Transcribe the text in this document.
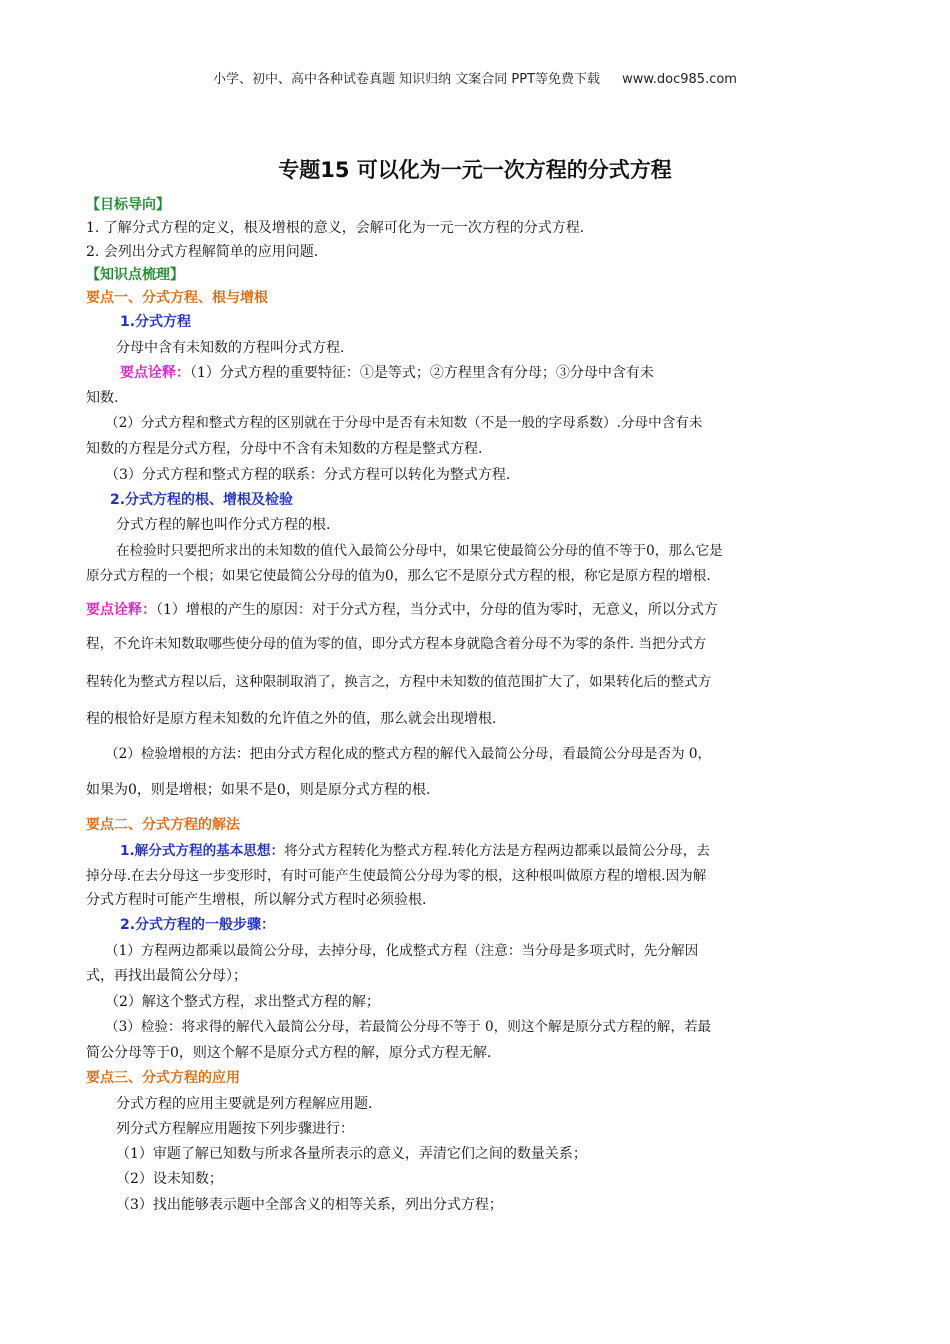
小学、初中、高中各种试卷真题 知识归纳 文案合同 PPT等免费下载 www.doc985.com
专题15 可以化为一元一次方程的分式方程
【目标导向】
1. 了解分式方程的定义，根及增根的意义，会解可化为一元一次方程的分式方程.
2. 会列出分式方程解简单的应用问题.
【知识点梳理】
要点一、分式方程、根与增根
1.分式方程
分母中含有未知数的方程叫分式方程.
要点诠释：（1）分式方程的重要特征：①是等式；②方程里含有分母；③分母中含有未
知数.
（2）分式方程和整式方程的区别就在于分母中是否有未知数（不是一般的字母系数）.分母中含有未
知数的方程是分式方程，分母中不含有未知数的方程是整式方程.
（3）分式方程和整式方程的联系：分式方程可以转化为整式方程.
2.分式方程的根、增根及检验
分式方程的解也叫作分式方程的根.
在检验时只要把所求出的未知数的值代入最简公分母中，如果它使最简公分母的值不等于0，那么它是
原分式方程的一个根；如果它使最简公分母的值为0，那么它不是原分式方程的根，称它是原方程的增根.
要点诠释：（1）增根的产生的原因：对于分式方程，当分式中，分母的值为零时，无意义，所以分式方
程，不允许未知数取哪些使分母的值为零的值，即分式方程本身就隐含着分母不为零的条件. 当把分式方
程转化为整式方程以后，这种限制取消了，换言之，方程中未知数的值范围扩大了，如果转化后的整式方
程的根恰好是原方程未知数的允许值之外的值，那么就会出现增根.
（2）检验增根的方法：把由分式方程化成的整式方程的解代入最简公分母，看最简公分母是否为 0，
如果为0，则是增根；如果不是0，则是原分式方程的根.
要点二、分式方程的解法
1.解分式方程的基本思想：将分式方程转化为整式方程.转化方法是方程两边都乘以最简公分母，去
掉分母.在去分母这一步变形时，有时可能产生使最简公分母为零的根，这种根叫做原方程的增根.因为解
分式方程时可能产生增根，所以解分式方程时必须验根.
2.分式方程的一般步骤：
（1）方程两边都乘以最简公分母，去掉分母，化成整式方程（注意：当分母是多项式时，先分解因
式，再找出最简公分母）；
（2）解这个整式方程，求出整式方程的解；
（3）检验：将求得的解代入最简公分母，若最简公分母不等于 0，则这个解是原分式方程的解，若最
简公分母等于0，则这个解不是原分式方程的解，原分式方程无解.
要点三、分式方程的应用
分式方程的应用主要就是列方程解应用题.
列分式方程解应用题按下列步骤进行：
（1）审题了解已知数与所求各量所表示的意义，弄清它们之间的数量关系；
（2）设未知数；
（3）找出能够表示题中全部含义的相等关系，列出分式方程；
